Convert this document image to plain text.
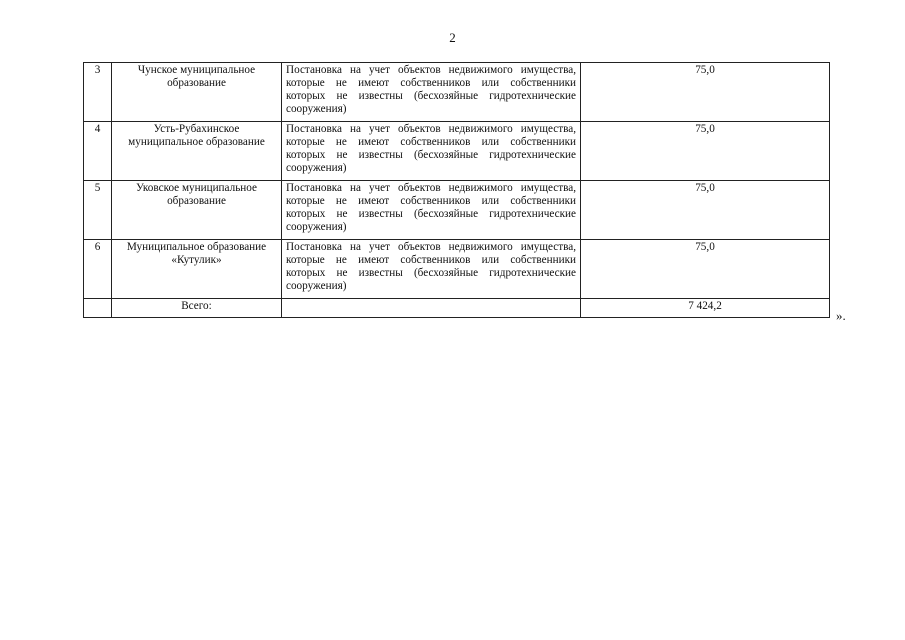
2
3	Чунское муниципальное образование	Постановка на учет объектов недвижимого имущества, которые не имеют собственников или собственники которых не известны (бесхозяйные гидротехнические сооружения)	75,0
4	Усть-Рубахинское муниципальное образование	Постановка на учет объектов недвижимого имущества, которые не имеют собственников или собственники которых не известны (бесхозяйные гидротехнические сооружения)	75,0
5	Уковское муниципальное образование	Постановка на учет объектов недвижимого имущества, которые не имеют собственников или собственники которых не известны (бесхозяйные гидротехнические сооружения)	75,0
6	Муниципальное образование «Кутулик»	Постановка на учет объектов недвижимого имущества, которые не имеют собственников или собственники которых не известны (бесхозяйные гидротехнические сооружения)	75,0
	Всего:		7 424,2
».
